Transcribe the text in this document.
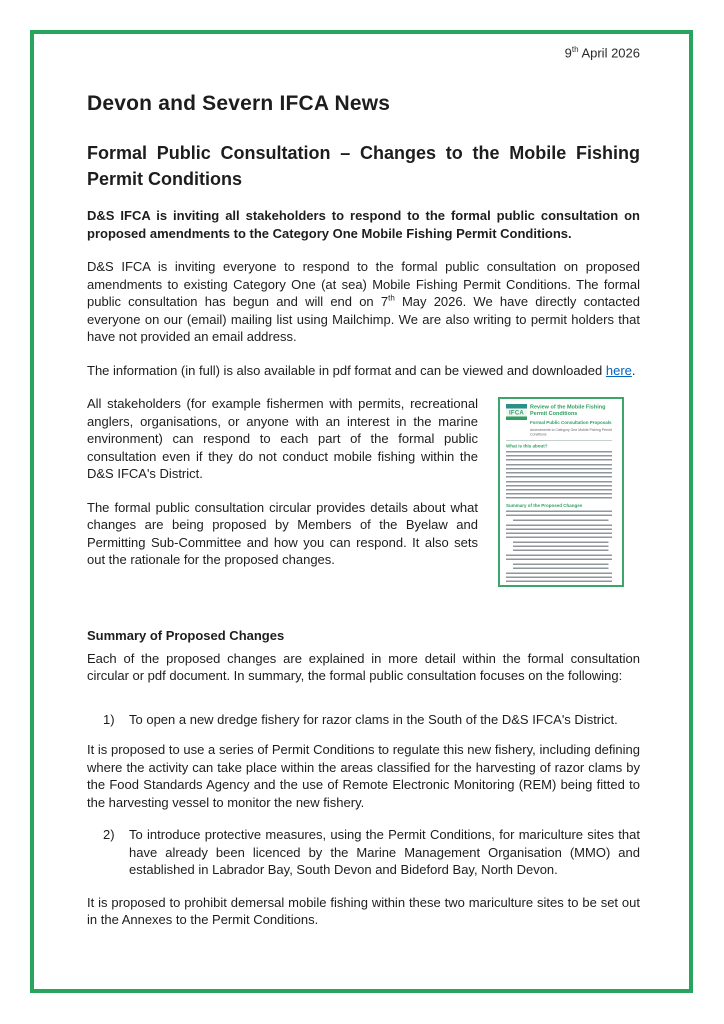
9th April 2026
Devon and Severn IFCA News
Formal Public Consultation – Changes to the Mobile Fishing Permit Conditions

D&S IFCA is inviting all stakeholders to respond to the formal public consultation on proposed amendments to the Category One Mobile Fishing Permit Conditions.

D&S IFCA is inviting everyone to respond to the formal public consultation on proposed amendments to existing Category One (at sea) Mobile Fishing Permit Conditions. The formal public consultation has begun and will end on 7th May 2026. We have directly contacted everyone on our (email) mailing list using Mailchimp. We are also writing to permit holders that have not provided an email address.

The information (in full) is also available in pdf format and can be viewed and downloaded here.

IFCA
Review of the Mobile Fishing Permit Conditions
Formal Public Consultation Proposals
Amendments to Category One Mobile Fishing Permit Conditions
What is this about?
Summary of the Proposed Changes

All stakeholders (for example fishermen with permits, recreational anglers, organisations, or anyone with an interest in the marine environment) can respond to each part of the formal public consultation even if they do not conduct mobile fishing within the D&S IFCA's District.

The formal public consultation circular provides details about what changes are being proposed by Members of the Byelaw and Permitting Sub-Committee and how you can respond. It also sets out the rationale for the proposed changes.

Summary of Proposed Changes

Each of the proposed changes are explained in more detail within the formal consultation circular or pdf document. In summary, the formal public consultation focuses on the following:

1)	To open a new dredge fishery for razor clams in the South of the D&S IFCA's District.

It is proposed to use a series of Permit Conditions to regulate this new fishery, including defining where the activity can take place within the areas classified for the harvesting of razor clams by the Food Standards Agency and the use of Remote Electronic Monitoring (REM) being fitted to the harvesting vessel to monitor the new fishery.

2)	To introduce protective measures, using the Permit Conditions, for mariculture sites that have already been licenced by the Marine Management Organisation (MMO) and established in Labrador Bay, South Devon and Bideford Bay, North Devon.

It is proposed to prohibit demersal mobile fishing within these two mariculture sites to be set out in the Annexes to the Permit Conditions.
